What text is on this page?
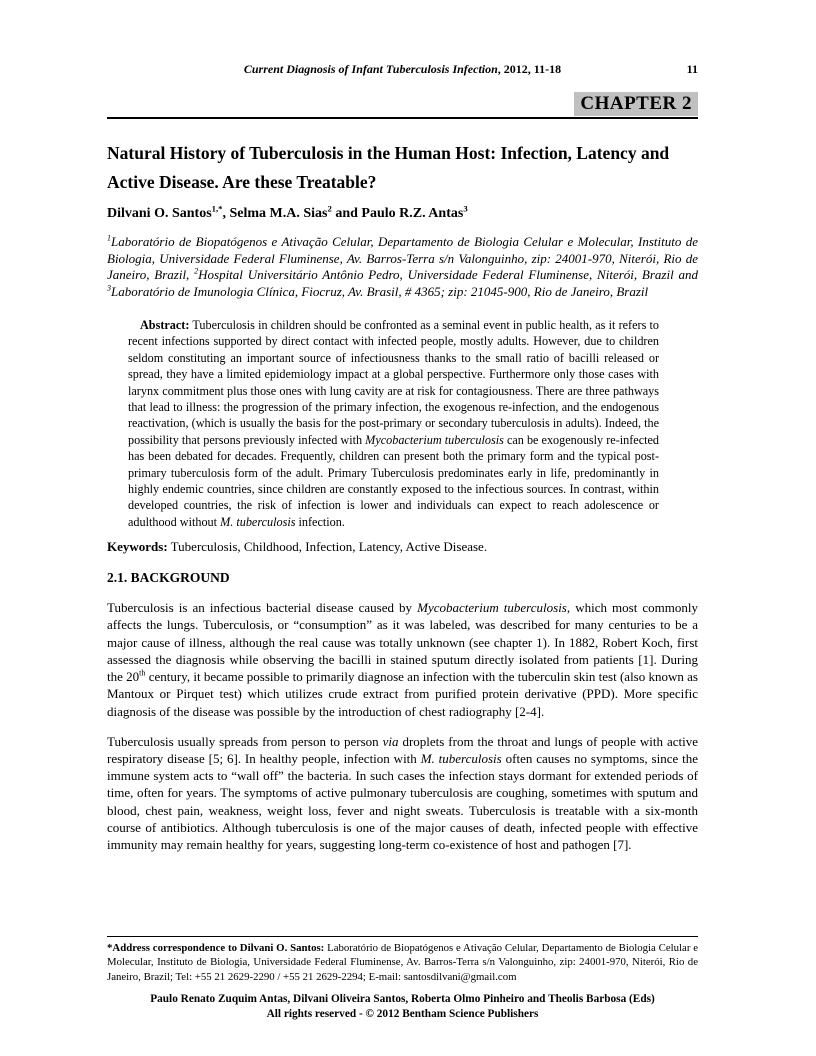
Current Diagnosis of Infant Tuberculosis Infection, 2012, 11-18	11
CHAPTER 2
Natural History of Tuberculosis in the Human Host: Infection, Latency and Active Disease. Are these Treatable?

Dilvani O. Santos$^{1,*}$, Selma M.A. Sias$^2$ and Paulo R.Z. Antas$^3$

$^1$Laboratório de Biopatógenos e Ativação Celular, Departamento de Biologia Celular e Molecular, Instituto de Biologia, Universidade Federal Fluminense, Av. Barros-Terra s/n Valonguinho, zip: 24001-970, Niterói, Rio de Janeiro, Brazil, $^2$Hospital Universitário Antônio Pedro, Universidade Federal Fluminense, Niterói, Brazil and $^3$Laboratório de Imunologia Clínica, Fiocruz, Av. Brasil, # 4365; zip: 21045-900, Rio de Janeiro, Brazil

Abstract: Tuberculosis in children should be confronted as a seminal event in public health, as it refers to recent infections supported by direct contact with infected people, mostly adults. However, due to children seldom constituting an important source of infectiousness thanks to the small ratio of bacilli released or spread, they have a limited epidemiology impact at a global perspective. Furthermore only those cases with larynx commitment plus those ones with lung cavity are at risk for contagiousness. There are three pathways that lead to illness: the progression of the primary infection, the exogenous re-infection, and the endogenous reactivation, (which is usually the basis for the post-primary or secondary tuberculosis in adults). Indeed, the possibility that persons previously infected with Mycobacterium tuberculosis can be exogenously re-infected has been debated for decades. Frequently, children can present both the primary form and the typical post-primary tuberculosis form of the adult. Primary Tuberculosis predominates early in life, predominantly in highly endemic countries, since children are constantly exposed to the infectious sources. In contrast, within developed countries, the risk of infection is lower and individuals can expect to reach adolescence or adulthood without M. tuberculosis infection.

Keywords: Tuberculosis, Childhood, Infection, Latency, Active Disease.

2.1. BACKGROUND

Tuberculosis is an infectious bacterial disease caused by Mycobacterium tuberculosis, which most commonly affects the lungs. Tuberculosis, or “consumption” as it was labeled, was described for many centuries to be a major cause of illness, although the real cause was totally unknown (see chapter 1). In 1882, Robert Koch, first assessed the diagnosis while observing the bacilli in stained sputum directly isolated from patients [1]. During the 20th century, it became possible to primarily diagnose an infection with the tuberculin skin test (also known as Mantoux or Pirquet test) which utilizes crude extract from purified protein derivative (PPD). More specific diagnosis of the disease was possible by the introduction of chest radiography [2-4].

Tuberculosis usually spreads from person to person via droplets from the throat and lungs of people with active respiratory disease [5; 6]. In healthy people, infection with M. tuberculosis often causes no symptoms, since the immune system acts to “wall off” the bacteria. In such cases the infection stays dormant for extended periods of time, often for years. The symptoms of active pulmonary tuberculosis are coughing, sometimes with sputum and blood, chest pain, weakness, weight loss, fever and night sweats. Tuberculosis is treatable with a six-month course of antibiotics. Although tuberculosis is one of the major causes of death, infected people with effective immunity may remain healthy for years, suggesting long-term co-existence of host and pathogen [7].

*Address correspondence to Dilvani O. Santos: Laboratório de Biopatógenos e Ativação Celular, Departamento de Biologia Celular e Molecular, Instituto de Biologia, Universidade Federal Fluminense, Av. Barros-Terra s/n Valonguinho, zip: 24001-970, Niterói, Rio de Janeiro, Brazil; Tel: +55 21 2629-2290 / +55 21 2629-2294; E-mail: santosdilvani@gmail.com

Paulo Renato Zuquim Antas, Dilvani Oliveira Santos, Roberta Olmo Pinheiro and Theolis Barbosa (Eds)
All rights reserved - © 2012 Bentham Science Publishers
